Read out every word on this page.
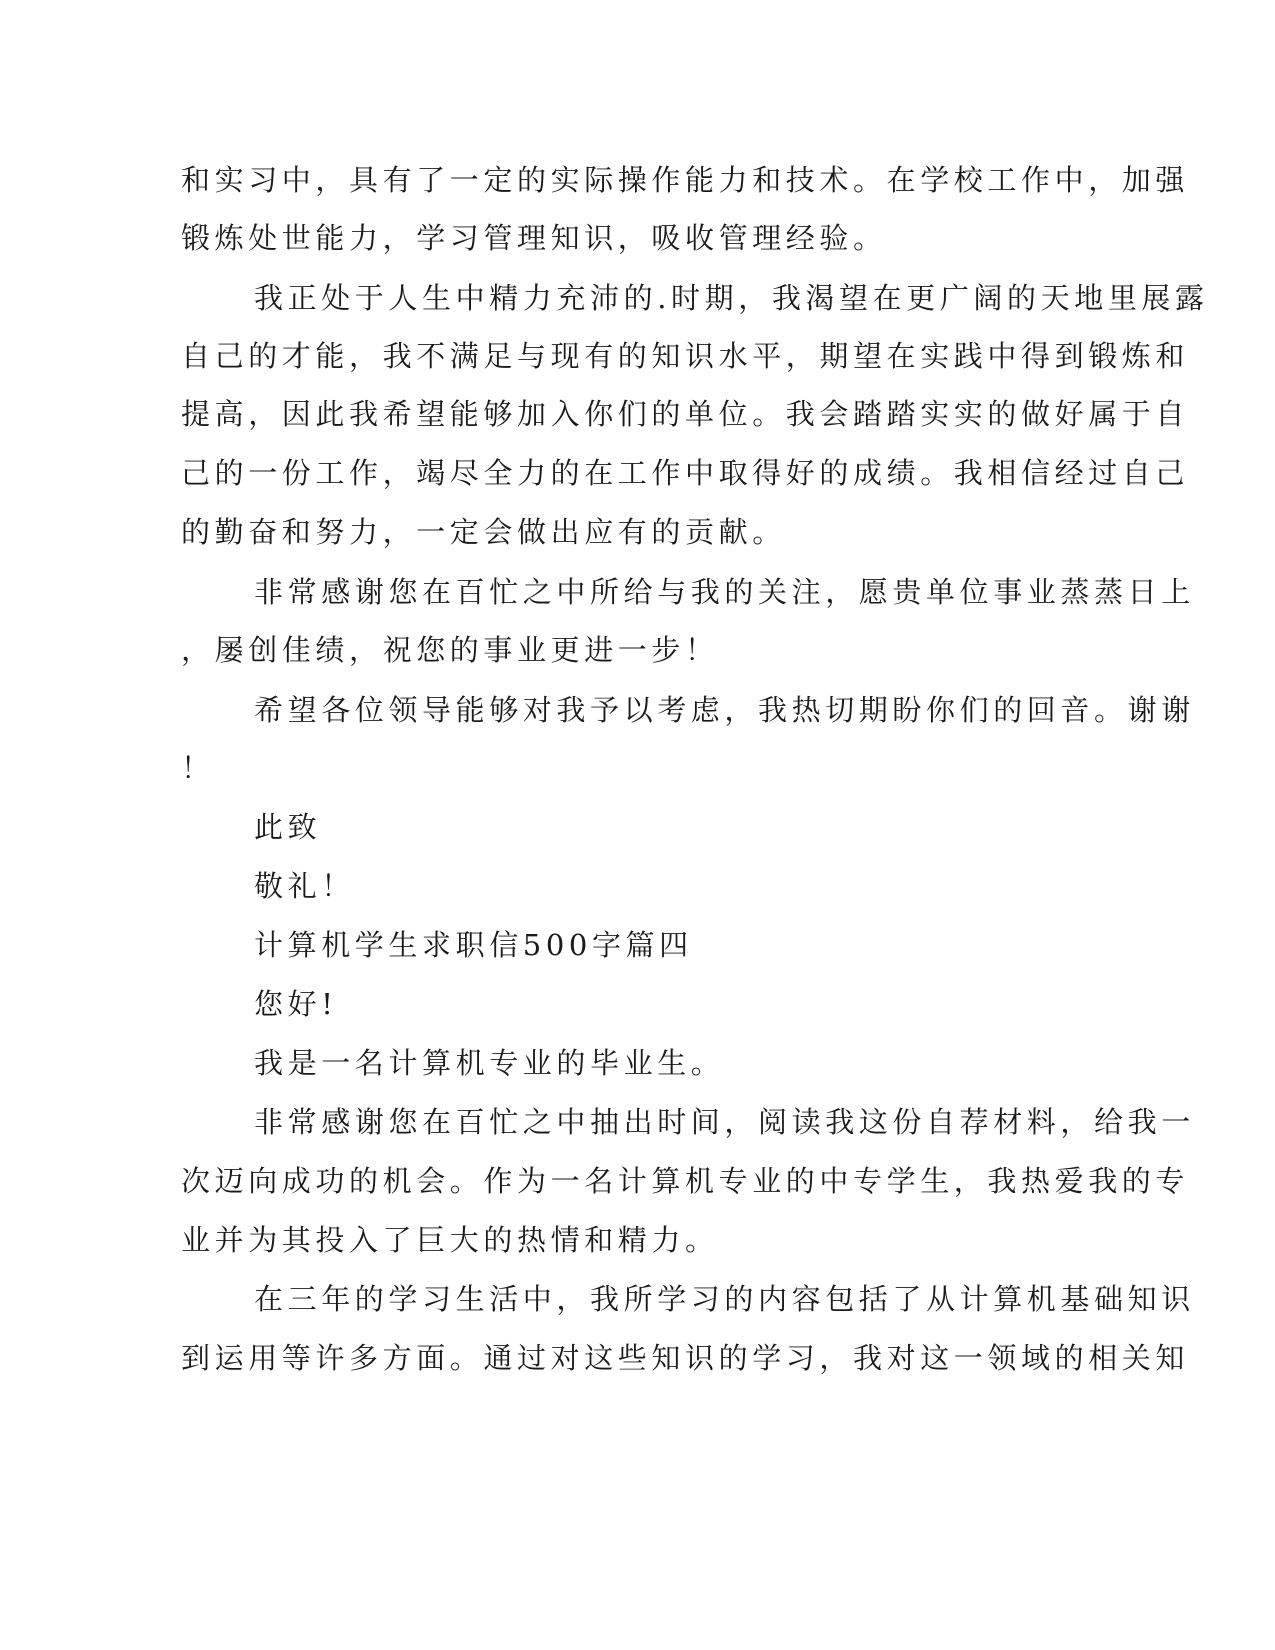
和实习中，具有了一定的实际操作能力和技术。在学校工作中，加强
锻炼处世能力，学习管理知识，吸收管理经验。
我正处于人生中精力充沛的.时期，我渴望在更广阔的天地里展露
自己的才能，我不满足与现有的知识水平，期望在实践中得到锻炼和
提高，因此我希望能够加入你们的单位。我会踏踏实实的做好属于自
己的一份工作，竭尽全力的在工作中取得好的成绩。我相信经过自己
的勤奋和努力，一定会做出应有的贡献。
非常感谢您在百忙之中所给与我的关注，愿贵单位事业蒸蒸日上
，屡创佳绩，祝您的事业更进一步！
希望各位领导能够对我予以考虑，我热切期盼你们的回音。谢谢
！
此致
敬礼！
计算机学生求职信500字篇四
您好!
我是一名计算机专业的毕业生。
非常感谢您在百忙之中抽出时间，阅读我这份自荐材料，给我一
次迈向成功的机会。作为一名计算机专业的中专学生，我热爱我的专
业并为其投入了巨大的热情和精力。
在三年的学习生活中，我所学习的内容包括了从计算机基础知识
到运用等许多方面。通过对这些知识的学习，我对这一领域的相关知
